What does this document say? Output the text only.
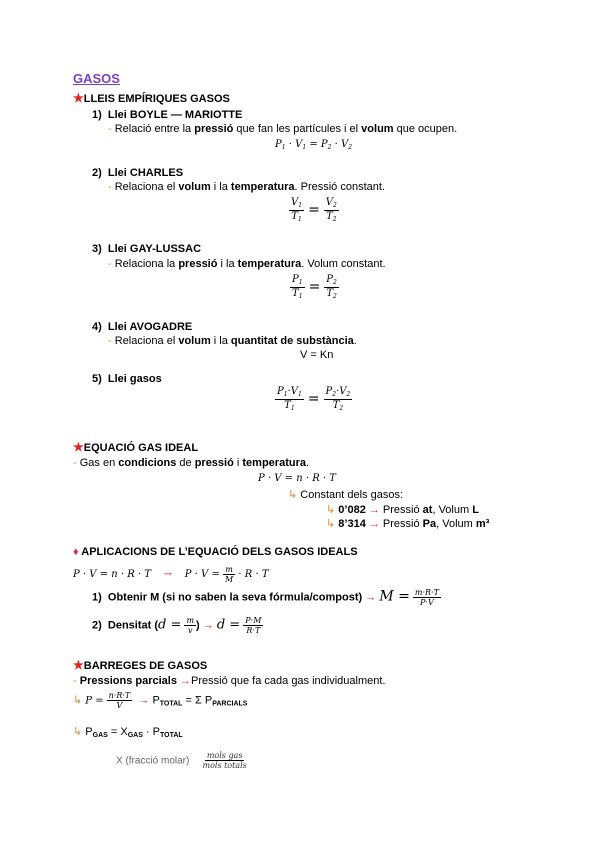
GASOS
★LLEIS EMPÍRIQUES GASOS
1) Llei BOYLE — MARIOTTE
- Relació entre la pressió que fan les partícules i el volum que ocupen.
$P_1 \cdot V_1 = P_2 \cdot V_2$
2) Llei CHARLES
- Relaciona el volum i la temperatura. Pressió constant.
$\frac{V_1}{T_1} = \frac{V_2}{T_2}$
3) Llei GAY-LUSSAC
- Relaciona la pressió i la temperatura. Volum constant.
$\frac{P_1}{T_1} = \frac{P_2}{T_2}$
4) Llei AVOGADRE
- Relaciona el volum i la quantitat de substància.
V = Kn
5) Llei gasos
$\frac{P_1\cdot V_1}{T_1} = \frac{P_2\cdot V_2}{T_2}$
★EQUACIÓ GAS IDEAL
- Gas en condicions de pressió i temperatura.
P · V = n · R · T
↳ Constant dels gasos:
↳ 0’082 → Pressió at, Volum L
↳ 8’314 → Pressió Pa, Volum m³
♦ APLICACIONS DE L’EQUACIÓ DELS GASOS IDEALS
$P \cdot V = n \cdot R \cdot T \to P \cdot V = \frac{m}{M} \cdot R \cdot T$
1) Obtenir M (si no saben la seva fórmula/compost) → $M = \frac{m\cdot R\cdot T}{P\cdot V}$
2) Densitat ($d = \frac{m}{v}$ ) → $d = \frac{P\cdot M}{R\cdot T}$
★BARREGES DE GASOS
- Pressions parcials →Pressió que fa cada gas individualment.
↳ $P = \frac{n\cdot R\cdot T}{V} \to P_{TOTAL} = \Sigma$ $P_{PARCIALS}$
↳ $P_{GAS} = X_{GAS} \cdot P_{TOTAL}$
X (fracció molar) $\frac{\text{mols gas}}{\text{mols totals}}$
